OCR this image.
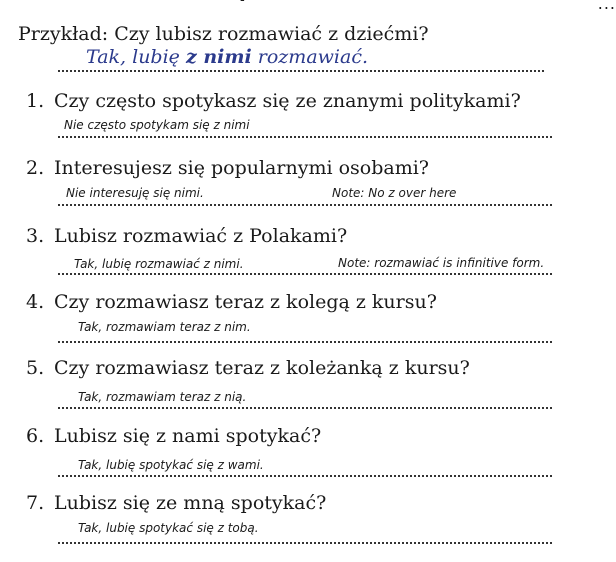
...
-
Przykład: Czy lubisz rozmawiać z dziećmi?
Tak, lubię z nimi rozmawiać.
1. Czy często spotykasz się ze znanymi politykami?
Nie często spotykam się z nimi
2. Interesujesz się popularnymi osobami?
Nie interesuję się nimi.	Note: No z over here
3. Lubisz rozmawiać z Polakami?
Tak, lubię rozmawiać z nimi.	Note: rozmawiać is infinitive form.
4. Czy rozmawiasz teraz z kolegą z kursu?
Tak, rozmawiam teraz z nim.
5. Czy rozmawiasz teraz z koleżanką z kursu?
Tak, rozmawiam teraz z nią.
6. Lubisz się z nami spotykać?
Tak, lubię spotykać się z wami.
7. Lubisz się ze mną spotykać?
Tak, lubię spotykać się z tobą.
